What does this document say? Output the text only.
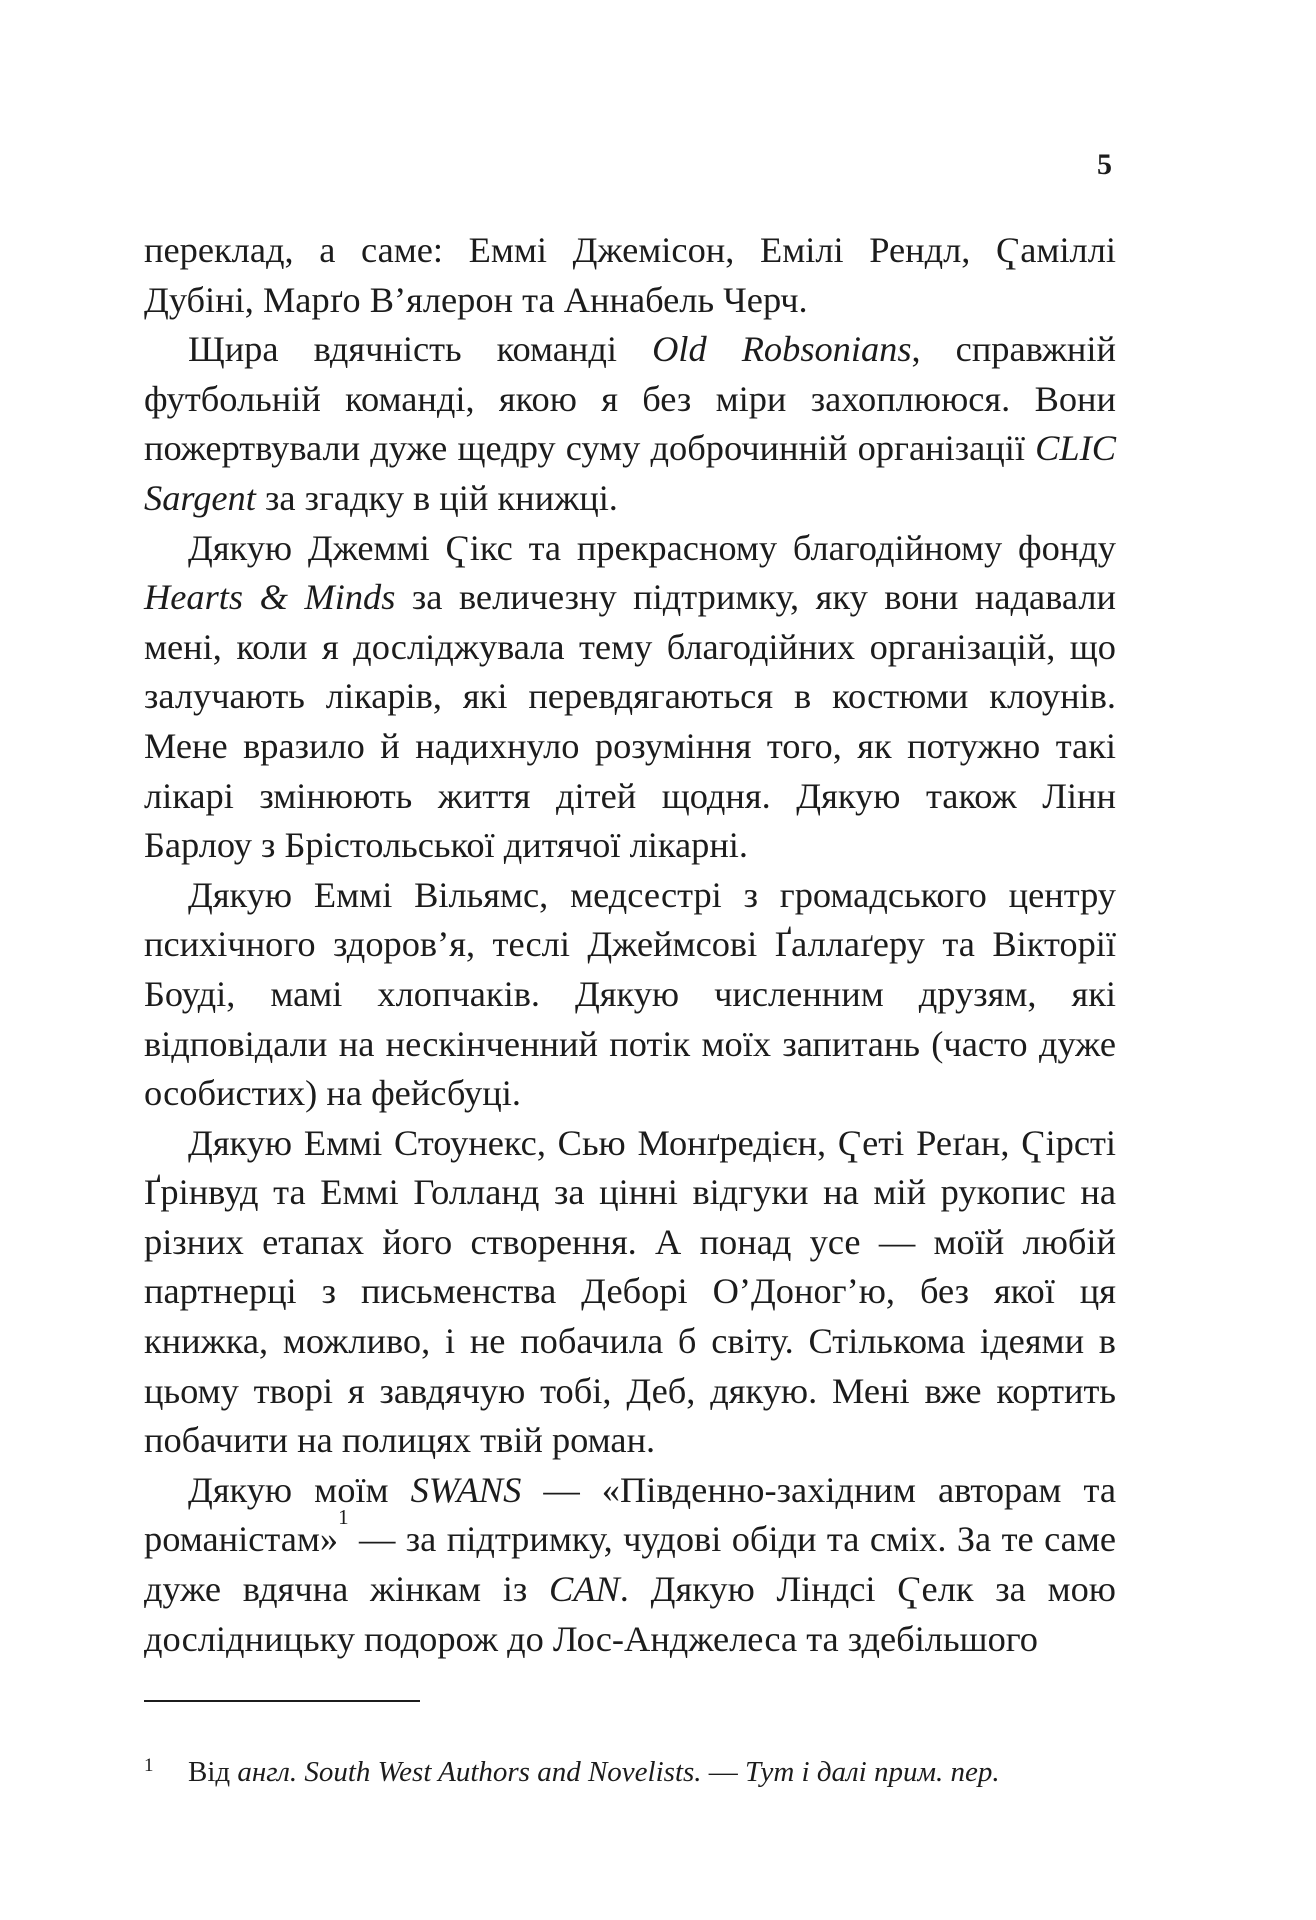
5

переклад, а саме: Еммі Джемісон, Емілі Рендл, Ҁаміллі Дубіні, Марґо В’ялерон та Аннабель Черч.

Щира вдячність команді Old Robsonians, справжній футбольній команді, якою я без міри захоплююся. Вони пожертвували дуже щедру суму доброчинній організації CLIC Sargent за згадку в цій книжці.

Дякую Джеммі Ҁікс та прекрасному благодійному фонду Hearts & Minds за величезну підтримку, яку вони надавали мені, коли я досліджувала тему благодійних організацій, що залучають лікарів, які перевдягаються в костюми клоунів. Мене вразило й надихнуло розуміння того, як потужно такі лікарі змінюють життя дітей щодня. Дякую також Лінн Барлоу з Брістольської дитячої лікарні.

Дякую Еммі Вільямс, медсестрі з громадського центру психічного здоров’я, теслі Джеймсові Ґаллаґеру та Вікторії Боуді, мамі хлопчаків. Дякую численним друзям, які відповідали на нескінченний потік моїх запитань (часто дуже особистих) на фейсбуці.

Дякую Еммі Стоунекс, Сью Монґредієн, Ҁеті Реґан, Ҁірсті Ґрінвуд та Еммі Голланд за цінні відгуки на мій рукопис на різних етапах його створення. А понад усе — моїй любій партнерці з письменства Деборі О’Доног’ю, без якої ця книжка, можливо, і не побачила б світу. Стількома ідеями в цьому творі я завдячую тобі, Деб, дякую. Мені вже кортить побачити на полицях твій роман.

Дякую моїм SWANS — «Південно-західним авторам та романістам»$^1$ — за підтримку, чудові обіди та сміх. За те саме дуже вдячна жінкам із CAN. Дякую Ліндсі Ҁелк за мою дослідницьку подорож до Лос-Анджелеса та здебільшого

1 Від англ. South West Authors and Novelists. — Тут і далі прим. пер.
